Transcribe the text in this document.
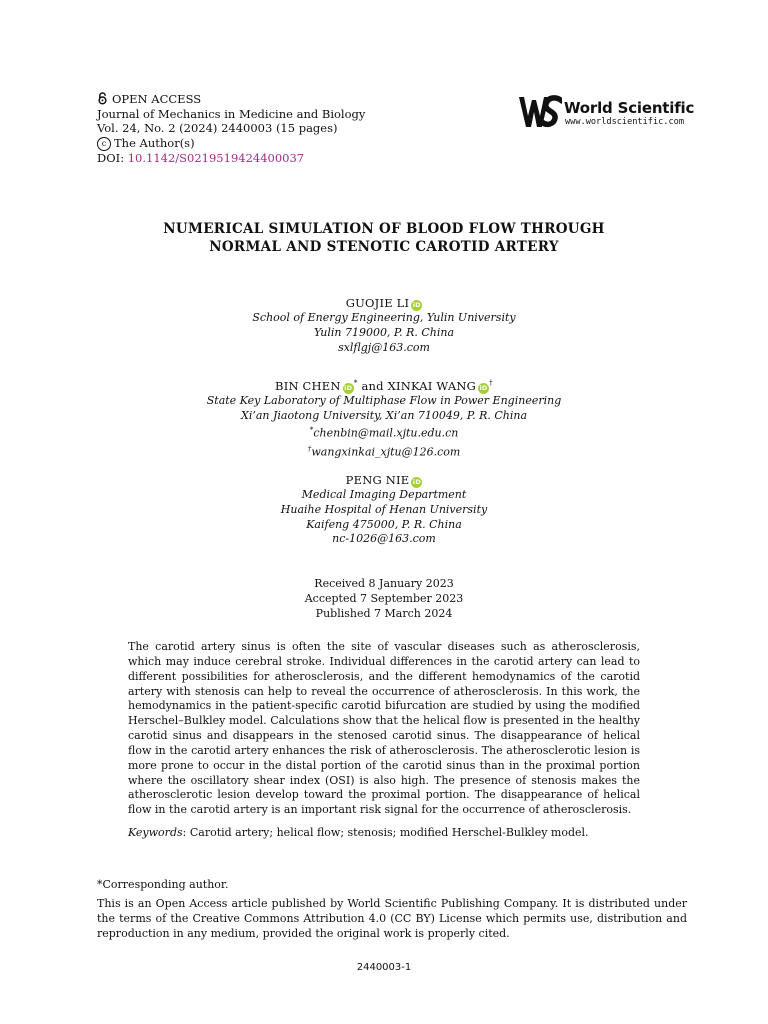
OPEN ACCESS
Journal of Mechanics in Medicine and Biology
Vol. 24, No. 2 (2024) 2440003 (15 pages)
c The Author(s)
DOI: 10.1142/S0219519424400037
World Scientific
www.worldscientific.com
NUMERICAL SIMULATION OF BLOOD FLOW THROUGH
NORMAL AND STENOTIC CAROTID ARTERY
GUOJIE LI iD
School of Energy Engineering, Yulin University
Yulin 719000, P. R. China
sxlflgj@163.com
BIN CHEN iD* and XINKAI WANG iD†
State Key Laboratory of Multiphase Flow in Power Engineering
Xi’an Jiaotong University, Xi’an 710049, P. R. China
*chenbin@mail.xjtu.edu.cn
†wangxinkai_xjtu@126.com
PENG NIE iD
Medical Imaging Department
Huaihe Hospital of Henan University
Kaifeng 475000, P. R. China
nc-1026@163.com
Received 8 January 2023
Accepted 7 September 2023
Published 7 March 2024
The carotid artery sinus is often the site of vascular diseases such as atherosclerosis, which may induce cerebral stroke. Individual differences in the carotid artery can lead to different possibilities for atherosclerosis, and the different hemodynamics of the carotid artery with stenosis can help to reveal the occurrence of atherosclerosis. In this work, the hemodynamics in the patient-specific carotid bifurcation are studied by using the modified Herschel–Bulkley model. Calculations show that the helical flow is presented in the healthy carotid sinus and disappears in the stenosed carotid sinus. The disappearance of helical flow in the carotid artery enhances the risk of atherosclerosis. The atherosclerotic lesion is more prone to occur in the distal portion of the carotid sinus than in the proximal portion where the oscillatory shear index (OSI) is also high. The presence of stenosis makes the atherosclerotic lesion develop toward the proximal portion. The disappearance of helical flow in the carotid artery is an important risk signal for the occurrence of atherosclerosis.
Keywords: Carotid artery; helical flow; stenosis; modified Herschel-Bulkley model.

*Corresponding author.

This is an Open Access article published by World Scientific Publishing Company. It is distributed under the terms of the Creative Commons Attribution 4.0 (CC BY) License which permits use, distribution and reproduction in any medium, provided the original work is properly cited.

2440003-1
